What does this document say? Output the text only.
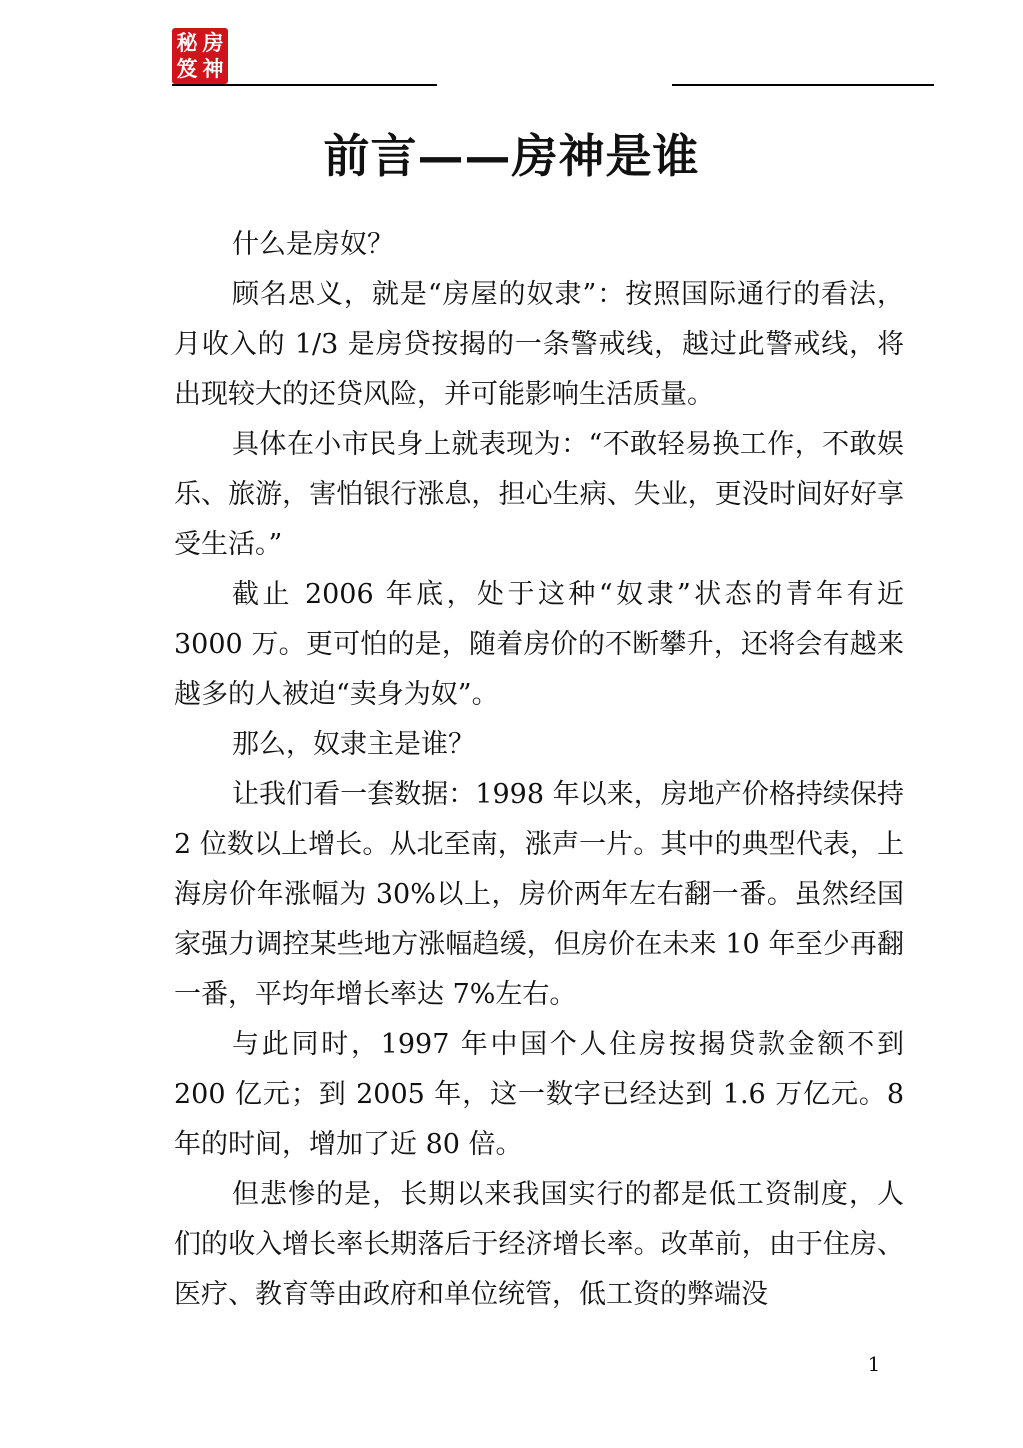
秘 房
笈 神
前言——房神是谁

什么是房奴？

顾名思义，就是“房屋的奴隶”：按照国际通行的看法，月收入的 1/3 是房贷按揭的一条警戒线，越过此警戒线，将出现较大的还贷风险，并可能影响生活质量。

具体在小市民身上就表现为：“不敢轻易换工作，不敢娱乐、旅游，害怕银行涨息，担心生病、失业，更没时间好好享受生活。”

截止 2006 年底，处于这种“奴隶”状态的青年有近 3000 万。更可怕的是，随着房价的不断攀升，还将会有越来越多的人被迫“卖身为奴”。

那么，奴隶主是谁？

让我们看一套数据：1998 年以来，房地产价格持续保持 2 位数以上增长。从北至南，涨声一片。其中的典型代表，上海房价年涨幅为 30%以上，房价两年左右翻一番。虽然经国家强力调控某些地方涨幅趋缓，但房价在未来 10 年至少再翻一番，平均年增长率达 7%左右。

与此同时，1997 年中国个人住房按揭贷款金额不到 200 亿元；到 2005 年，这一数字已经达到 1.6 万亿元。8 年的时间，增加了近 80 倍。

但悲惨的是，长期以来我国实行的都是低工资制度，人们的收入增长率长期落后于经济增长率。改革前，由于住房、医疗、教育等由政府和单位统管，低工资的弊端没

1
